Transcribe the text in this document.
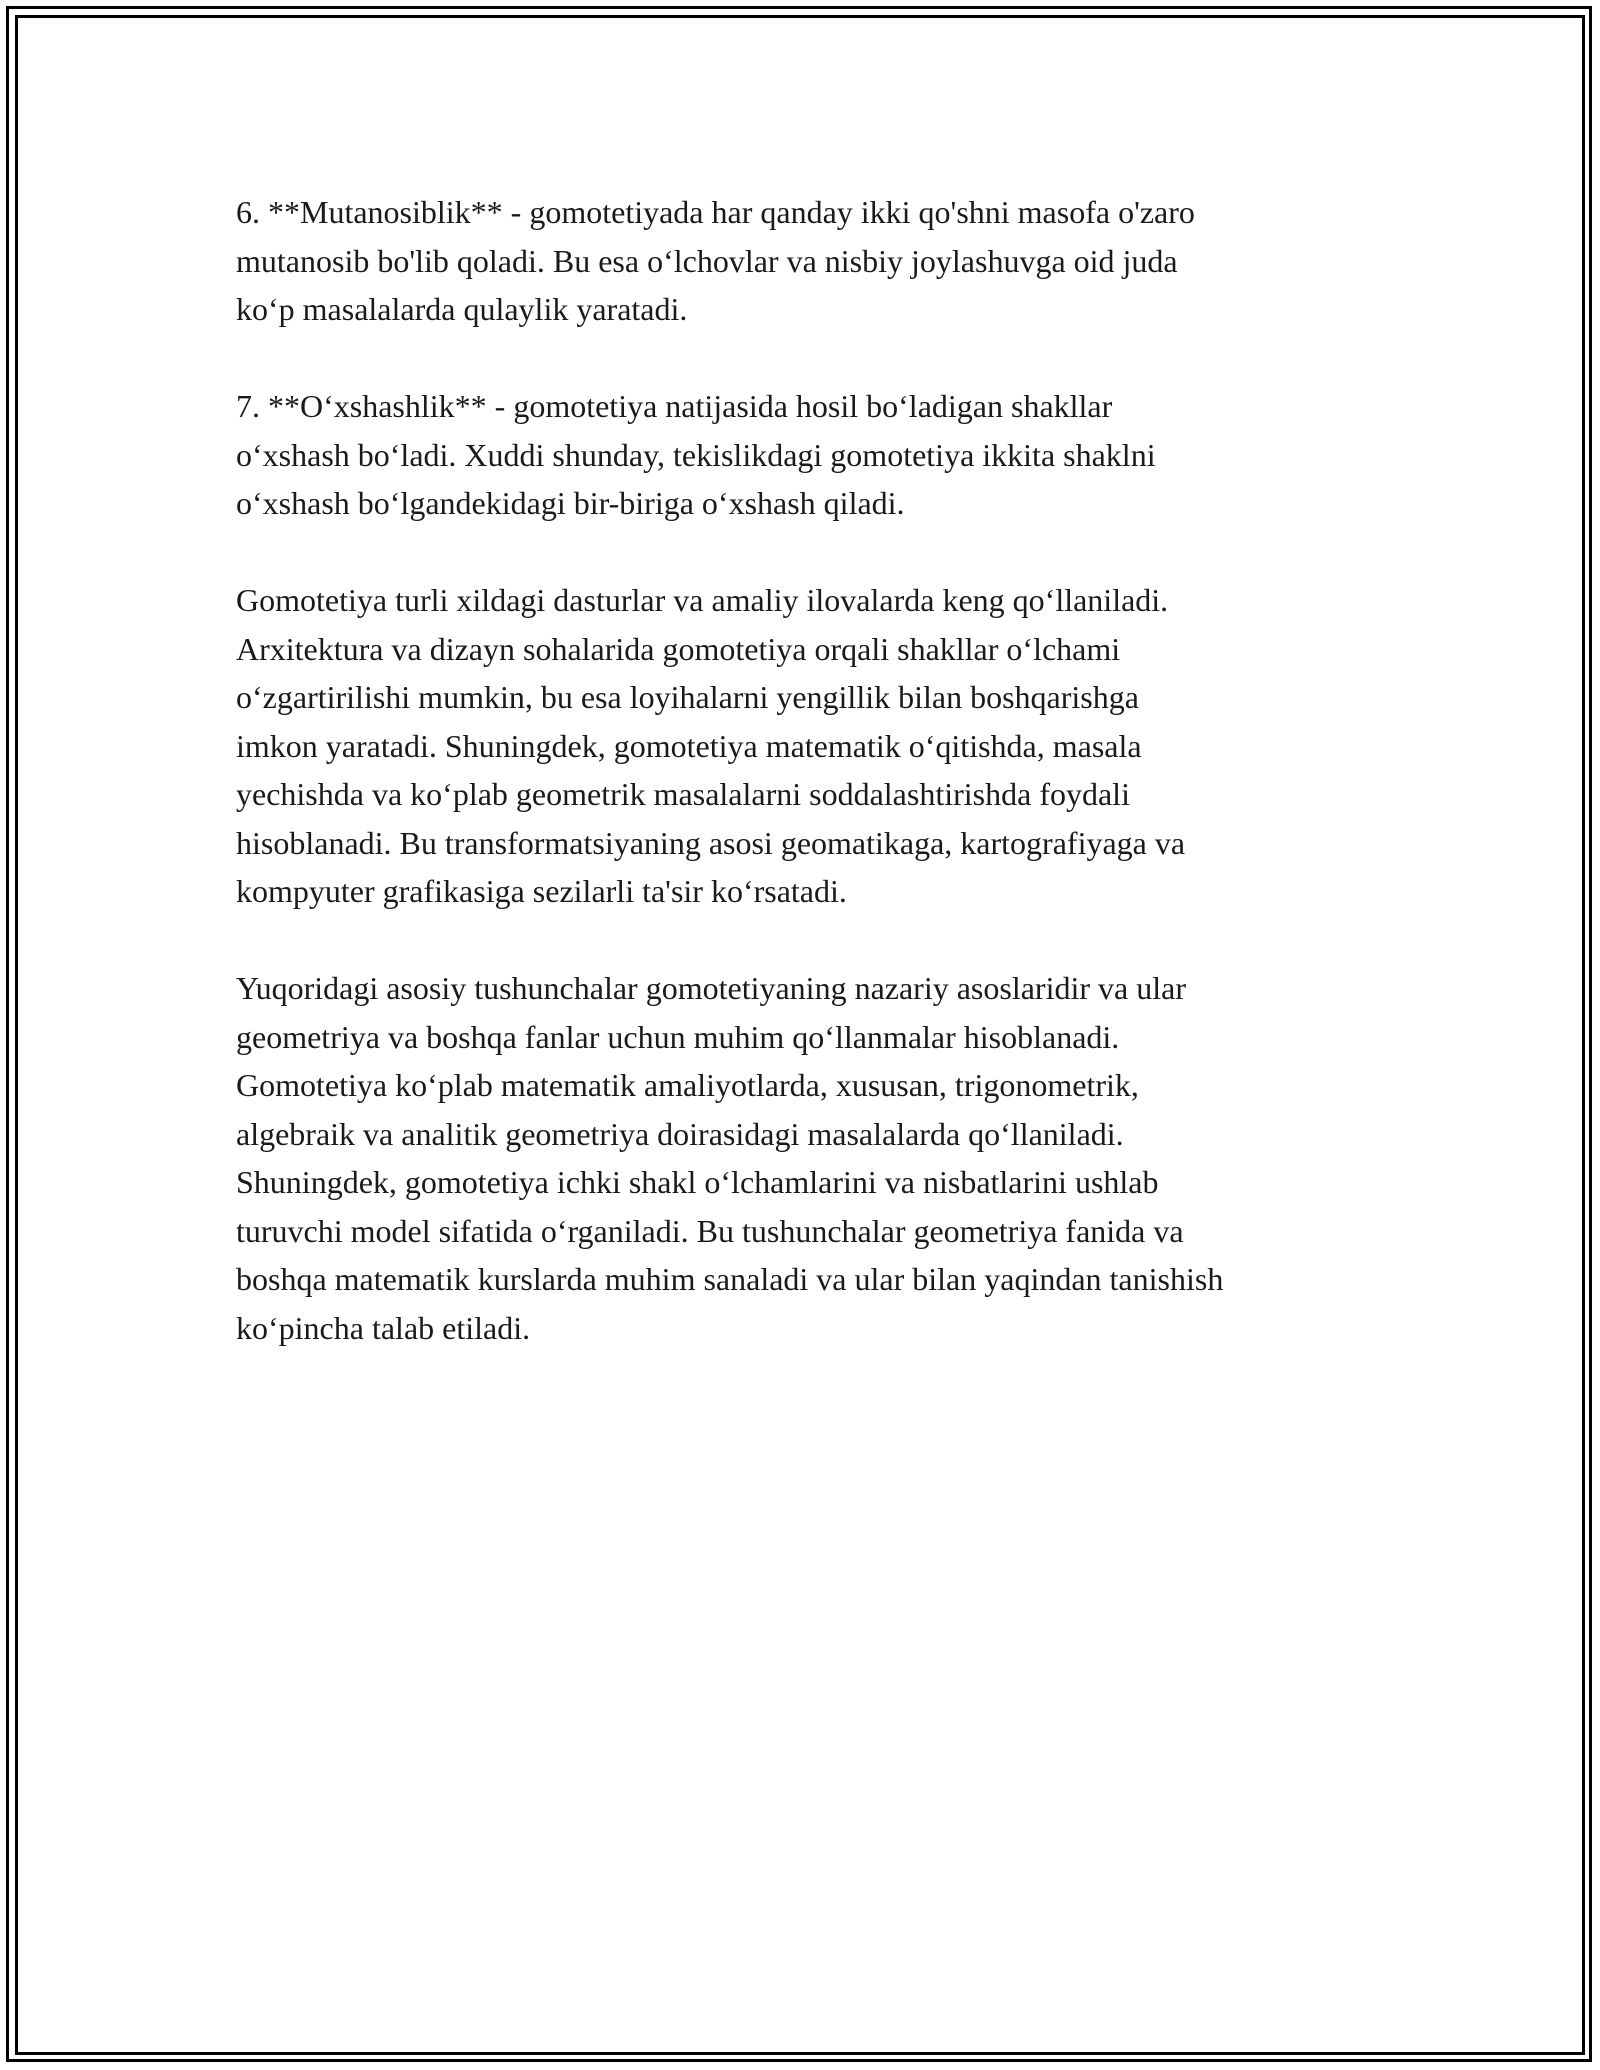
6. **Mutanosiblik** - gomotetiyada har qanday ikki qo'shni masofa o'zaro
mutanosib bo'lib qoladi. Bu esa o‘lchovlar va nisbiy joylashuvga oid juda
ko‘p masalalarda qulaylik yaratadi.

7. **O‘xshashlik** - gomotetiya natijasida hosil bo‘ladigan shakllar
o‘xshash bo‘ladi. Xuddi shunday, tekislikdagi gomotetiya ikkita shaklni
o‘xshash bo‘lgandekidagi bir-biriga o‘xshash qiladi.

Gomotetiya turli xildagi dasturlar va amaliy ilovalarda keng qo‘llaniladi.
Arxitektura va dizayn sohalarida gomotetiya orqali shakllar o‘lchami
o‘zgartirilishi mumkin, bu esa loyihalarni yengillik bilan boshqarishga
imkon yaratadi. Shuningdek, gomotetiya matematik o‘qitishda, masala
yechishda va ko‘plab geometrik masalalarni soddalashtirishda foydali
hisoblanadi. Bu transformatsiyaning asosi geomatikaga, kartografiyaga va
kompyuter grafikasiga sezilarli ta'sir ko‘rsatadi.

Yuqoridagi asosiy tushunchalar gomotetiyaning nazariy asoslaridir va ular
geometriya va boshqa fanlar uchun muhim qo‘llanmalar hisoblanadi.
Gomotetiya ko‘plab matematik amaliyotlarda, xususan, trigonometrik,
algebraik va analitik geometriya doirasidagi masalalarda qo‘llaniladi.
Shuningdek, gomotetiya ichki shakl o‘lchamlarini va nisbatlarini ushlab
turuvchi model sifatida o‘rganiladi. Bu tushunchalar geometriya fanida va
boshqa matematik kurslarda muhim sanaladi va ular bilan yaqindan tanishish
ko‘pincha talab etiladi.
